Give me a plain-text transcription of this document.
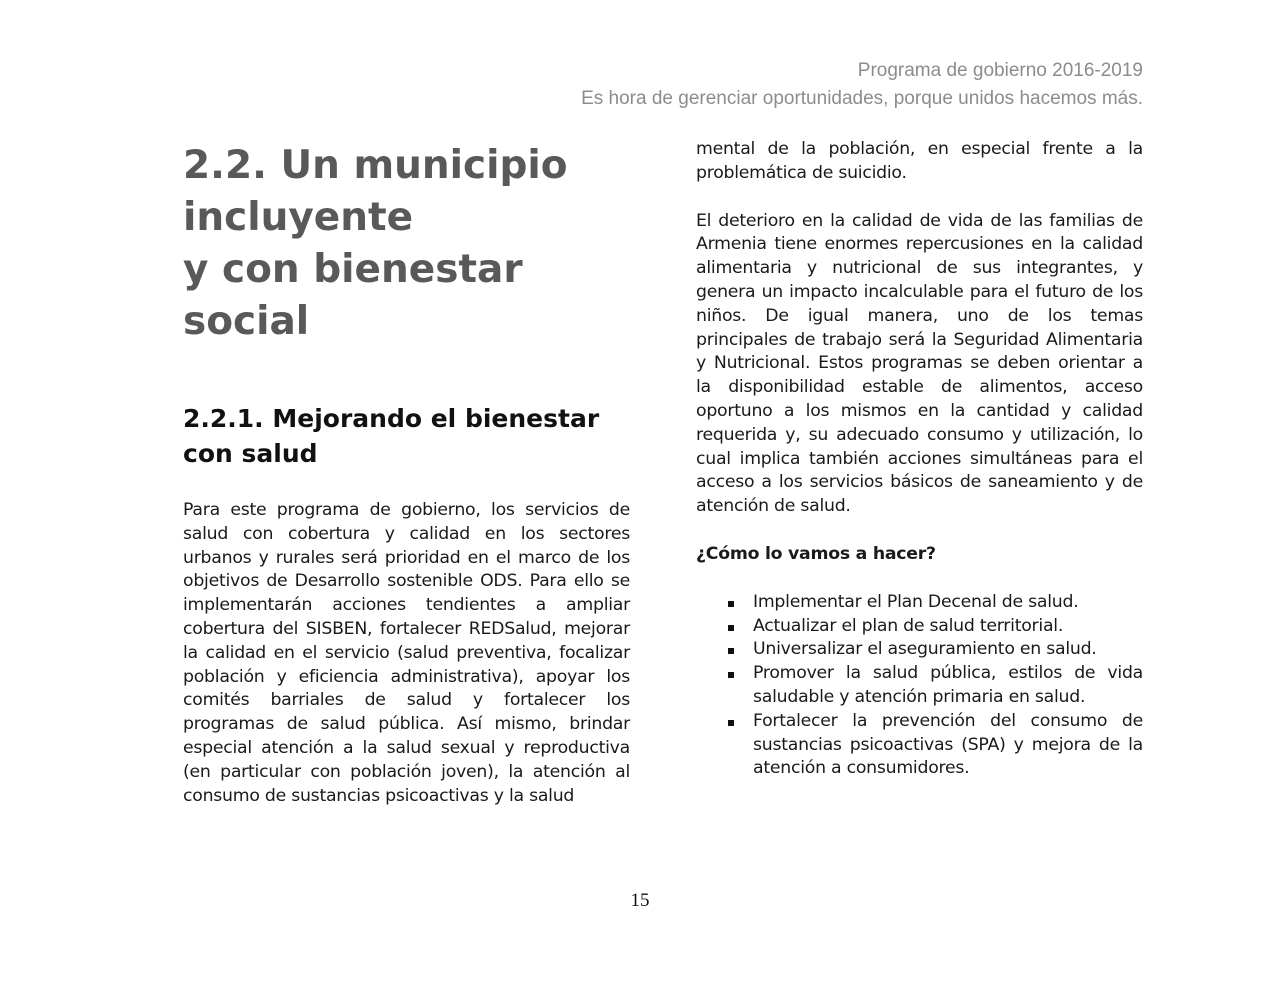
Programa de gobierno 2016-2019
Es hora de gerenciar oportunidades, porque unidos hacemos más.
2.2. Un municipio
incluyente
y con bienestar
social
2.2.1. Mejorando el bienestar con salud

Para este programa de gobierno, los servicios de salud con cobertura y calidad en los sectores urbanos y rurales será prioridad en el marco de los objetivos de Desarrollo sostenible ODS. Para ello se implementarán acciones tendientes a ampliar cobertura del SISBEN, fortalecer REDSalud, mejorar la calidad en el servicio (salud preventiva, focalizar población y eficiencia administrativa), apoyar los comités barriales de salud y fortalecer los programas de salud pública. Así mismo, brindar especial atención a la salud sexual y reproductiva (en particular con población joven), la atención al consumo de sustancias psicoactivas y la salud

mental de la población, en especial frente a la problemática de suicidio.

El deterioro en la calidad de vida de las familias de Armenia tiene enormes repercusiones en la calidad alimentaria y nutricional de sus integrantes, y genera un impacto incalculable para el futuro de los niños. De igual manera, uno de los temas principales de trabajo será la Seguridad Alimentaria y Nutricional. Estos programas se deben orientar a la disponibilidad estable de alimentos, acceso oportuno a los mismos en la cantidad y calidad requerida y, su adecuado consumo y utilización, lo cual implica también acciones simultáneas para el acceso a los servicios básicos de saneamiento y de atención de salud.

¿Cómo lo vamos a hacer?

Implementar el Plan Decenal de salud.
Actualizar el plan de salud territorial.
Universalizar el aseguramiento en salud.
Promover la salud pública, estilos de vida saludable y atención primaria en salud.
Fortalecer la prevención del consumo de sustancias psicoactivas (SPA) y mejora de la atención a consumidores.
15
